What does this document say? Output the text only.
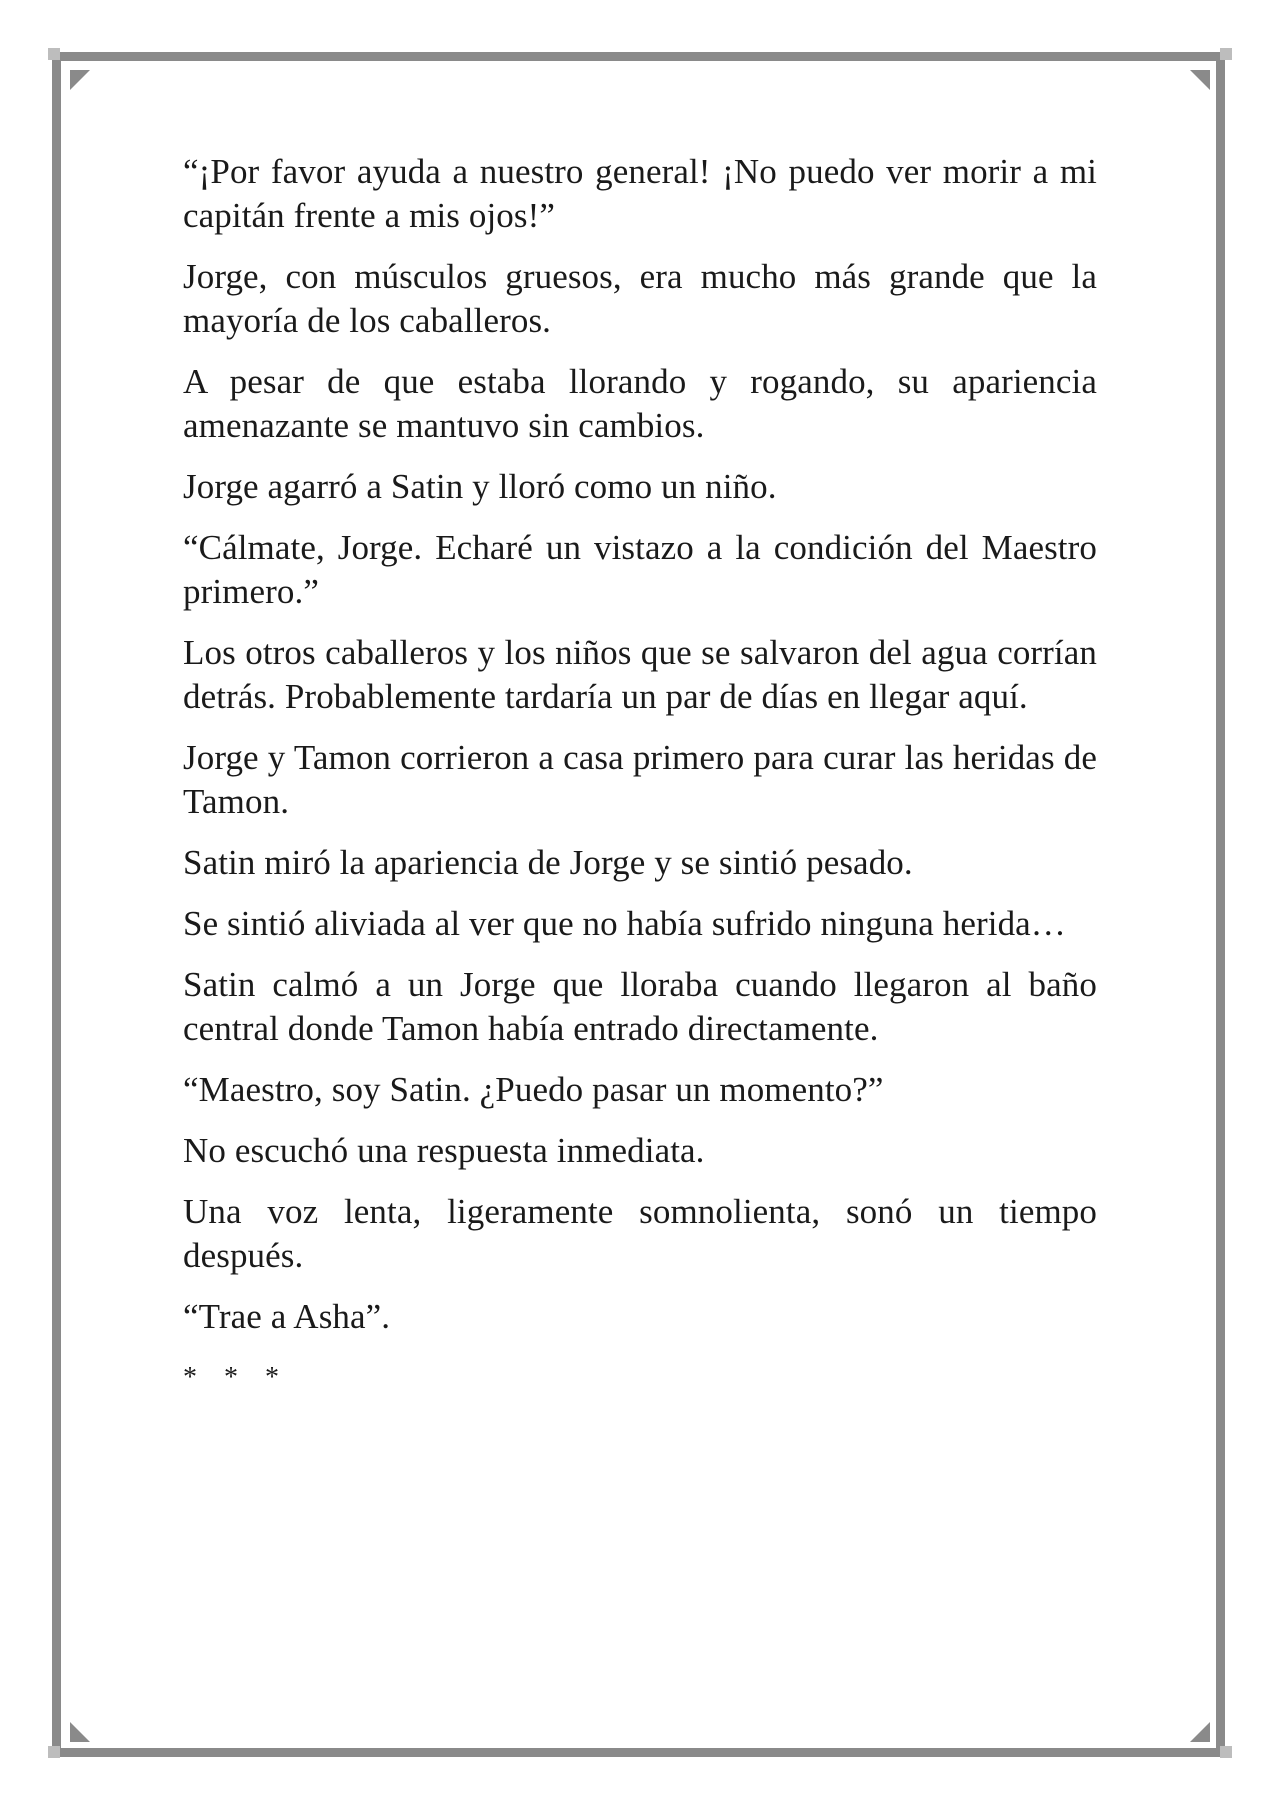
“¡Por favor ayuda a nuestro general! ¡No puedo ver morir a mi capitán frente a mis ojos!”

Jorge, con músculos gruesos, era mucho más grande que la mayoría de los caballeros.

A pesar de que estaba llorando y rogando, su apariencia amenazante se mantuvo sin cambios.

Jorge agarró a Satin y lloró como un niño.

“Cálmate, Jorge. Echaré un vistazo a la condición del Maestro primero.”

Los otros caballeros y los niños que se salvaron del agua corrían detrás. Probablemente tardaría un par de días en llegar aquí.

Jorge y Tamon corrieron a casa primero para curar las heridas de Tamon.

Satin miró la apariencia de Jorge y se sintió pesado.

Se sintió aliviada al ver que no había sufrido ninguna herida…

Satin calmó a un Jorge que lloraba cuando llegaron al baño central donde Tamon había entrado directamente.

“Maestro, soy Satin. ¿Puedo pasar un momento?”

No escuchó una respuesta inmediata.

Una voz lenta, ligeramente somnolienta, sonó un tiempo después.

“Trae a Asha”.

* * *
